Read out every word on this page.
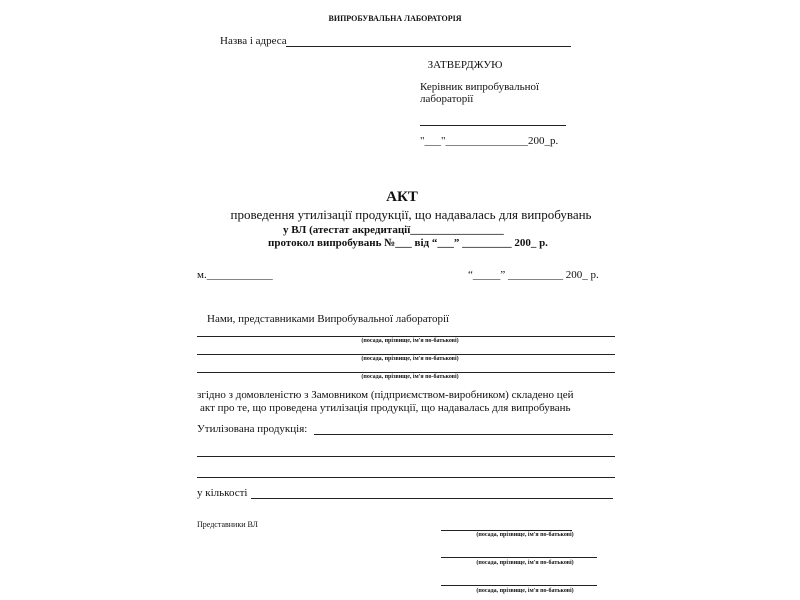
ВИПРОБУВАЛЬНА ЛАБОРАТОРІЯ
Назва і адреса
ЗАТВЕРДЖУЮ
Керівник випробувальної
лабораторії
"___"_______________200_р.
АКТ
проведення утилізації продукції, що надавалась для випробувань
у ВЛ (атестат акредитації_________________
протокол випробувань №___ від “___” _________ 200_ р.
м.____________	“_____” __________ 200_ р.
Нами, представниками Випробувальної лабораторії
(посада, прізвище, ім'я по-батькові)
(посада, прізвище, ім'я по-батькові)
(посада, прізвище, ім'я по-батькові)
згідно з домовленістю з Замовником (підприємством-виробником) складено цей
акт про те, що проведена утилізація продукції, що надавалась для випробувань
Утилізована продукція:
у кількості
Представники ВЛ
(посада, прізвище, ім'я по-батькові)
(посада, прізвище, ім'я по-батькові)
(посада, прізвище, ім'я по-батькові)
